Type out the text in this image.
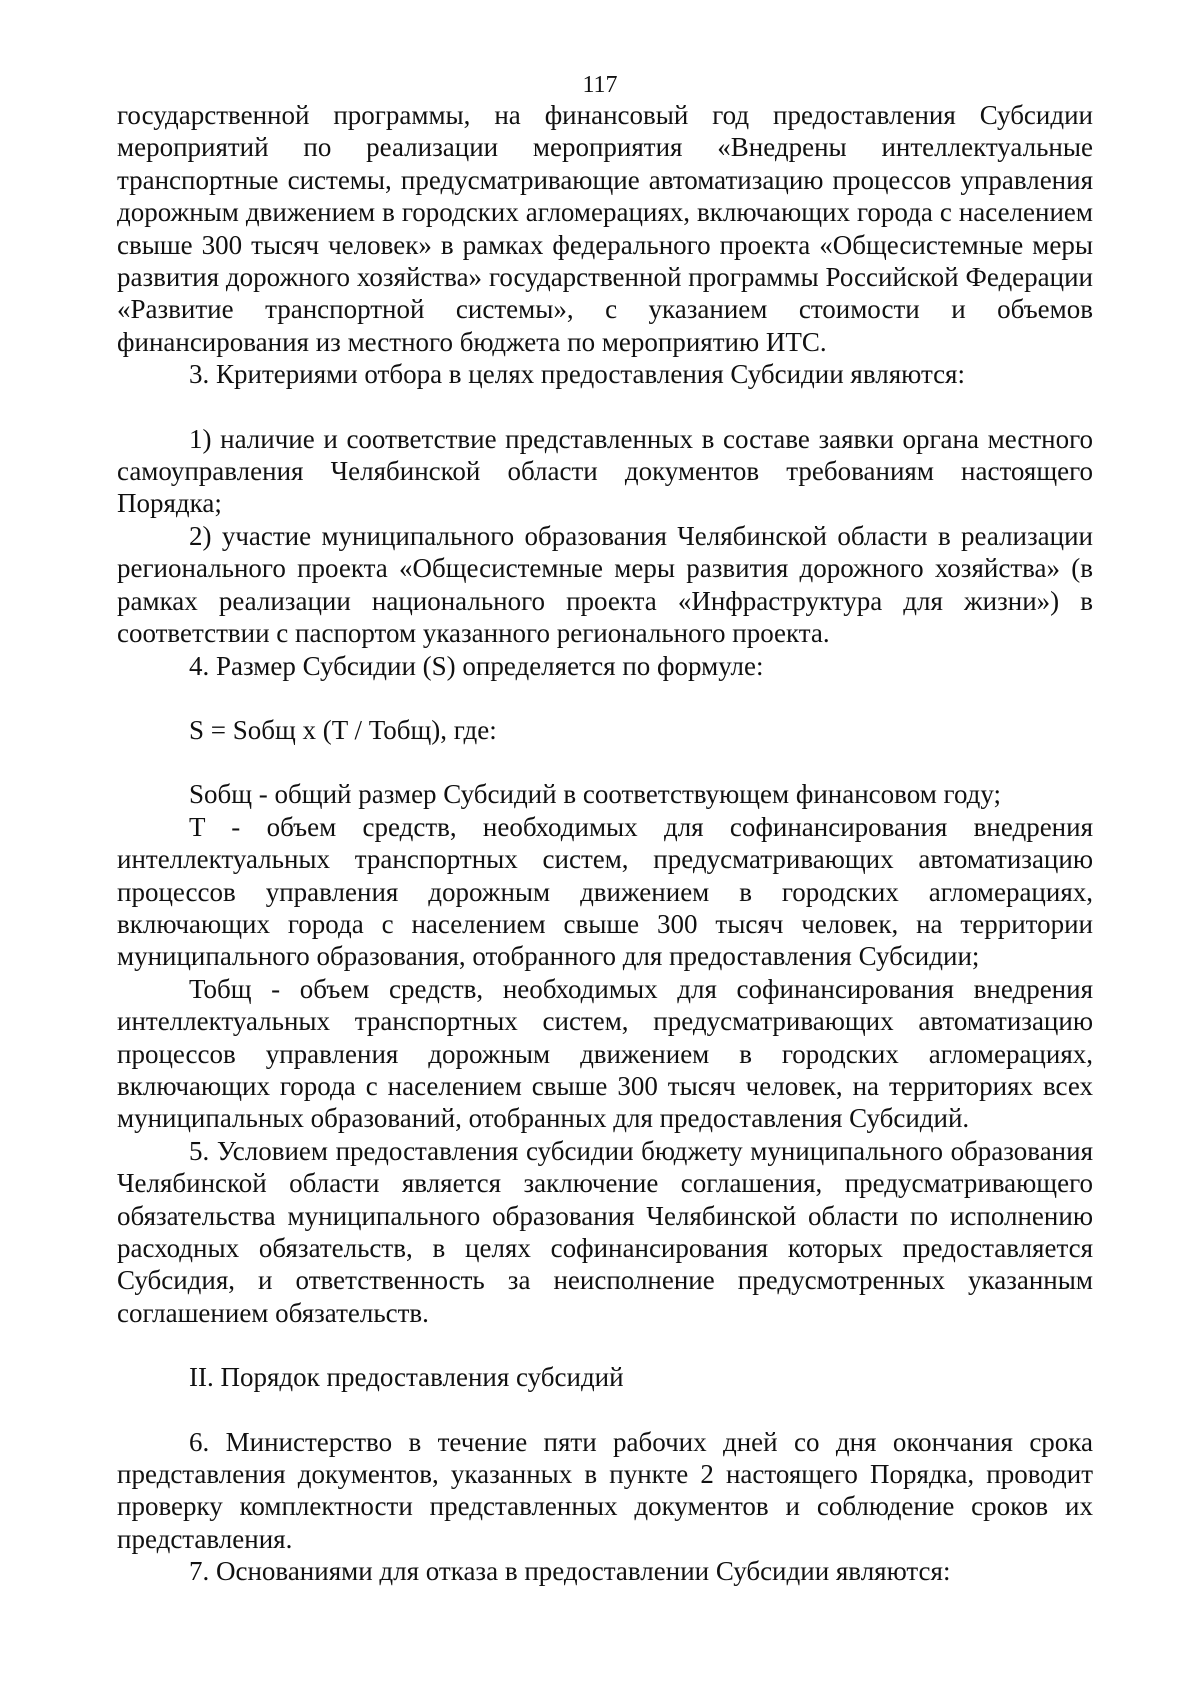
117

государственной программы, на финансовый год предоставления Субсидии мероприятий по реализации мероприятия «Внедрены интеллектуальные транспортные системы, предусматривающие автоматизацию процессов управления дорожным движением в городских агломерациях, включающих города с населением свыше 300 тысяч человек» в рамках федерального проекта «Общесистемные меры развития дорожного хозяйства» государственной программы Российской Федерации «Развитие транспортной системы», с указанием стоимости и объемов финансирования из местного бюджета по мероприятию ИТС.

3. Критериями отбора в целях предоставления Субсидии являются:

1) наличие и соответствие представленных в составе заявки органа местного самоуправления Челябинской области документов требованиям настоящего Порядка;

2) участие муниципального образования Челябинской области в реализации регионального проекта «Общесистемные меры развития дорожного хозяйства» (в рамках реализации национального проекта «Инфраструктура для жизни») в соответствии с паспортом указанного регионального проекта.

4. Размер Субсидии (S) определяется по формуле:

S = Sобщ x (T / Тобщ), где:

Sобщ - общий размер Субсидий в соответствующем финансовом году;

T - объем средств, необходимых для софинансирования внедрения интеллектуальных транспортных систем, предусматривающих автоматизацию процессов управления дорожным движением в городских агломерациях, включающих города с населением свыше 300 тысяч человек, на территории муниципального образования, отобранного для предоставления Субсидии;

Тобщ - объем средств, необходимых для софинансирования внедрения интеллектуальных транспортных систем, предусматривающих автоматизацию процессов управления дорожным движением в городских агломерациях, включающих города с населением свыше 300 тысяч человек, на территориях всех муниципальных образований, отобранных для предоставления Субсидий.

5. Условием предоставления субсидии бюджету муниципального образования Челябинской области является заключение соглашения, предусматривающего обязательства муниципального образования Челябинской области по исполнению расходных обязательств, в целях софинансирования которых предоставляется Субсидия, и ответственность за неисполнение предусмотренных указанным соглашением обязательств.

II. Порядок предоставления субсидий

6. Министерство в течение пяти рабочих дней со дня окончания срока представления документов, указанных в пункте 2 настоящего Порядка, проводит проверку комплектности представленных документов и соблюдение сроков их представления.

7. Основаниями для отказа в предоставлении Субсидии являются:
